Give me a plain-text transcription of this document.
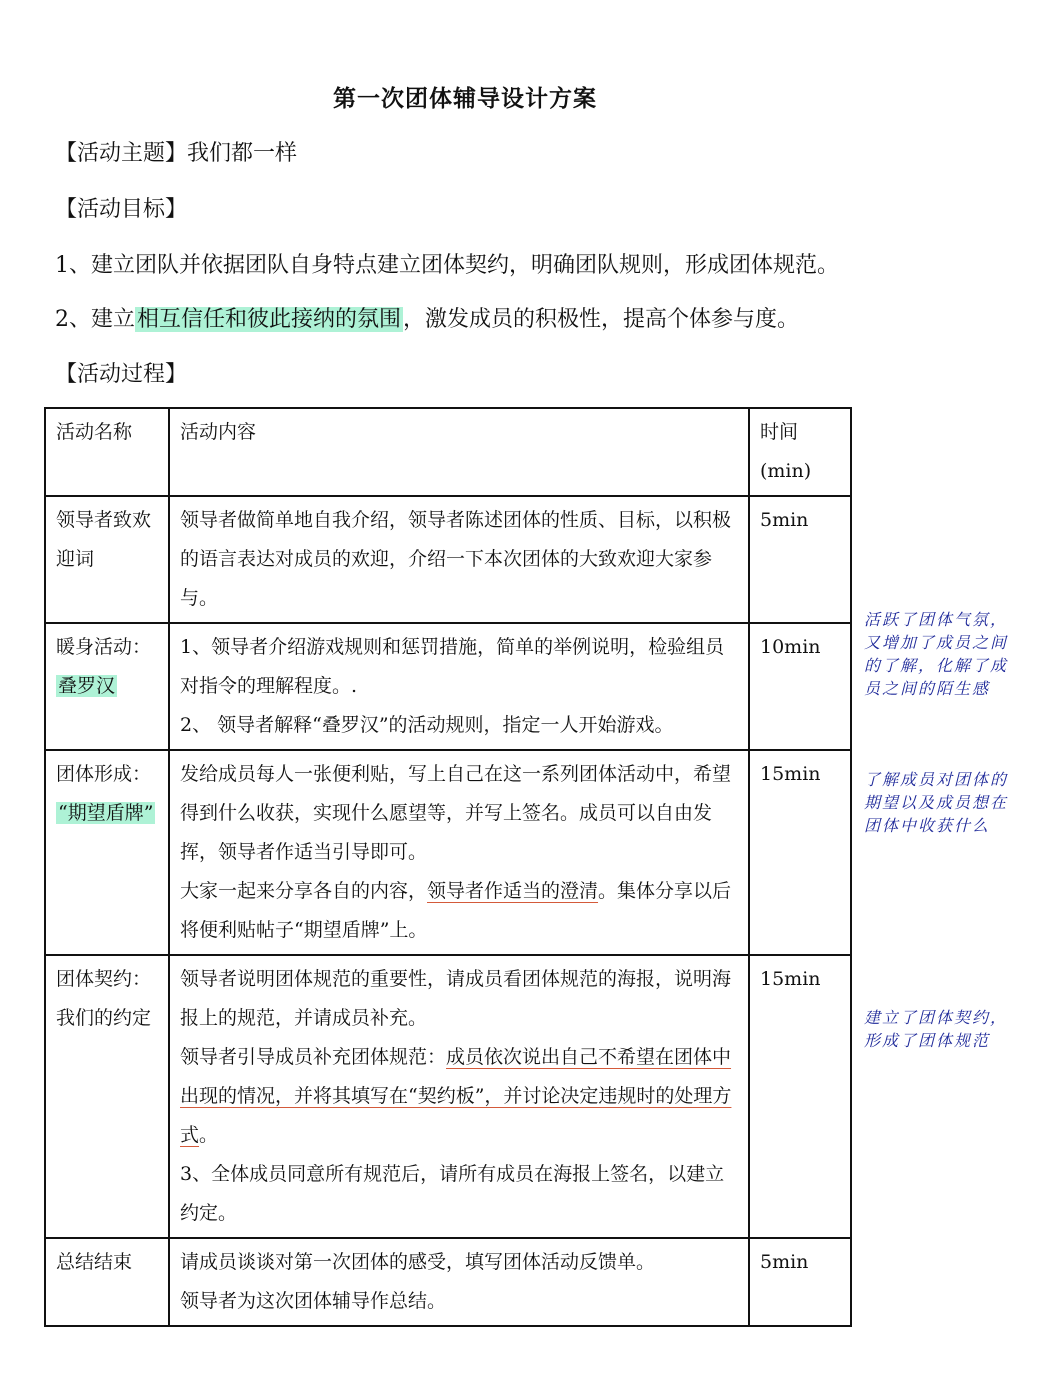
第一次团体辅导设计方案
【活动主题】我们都一样
【活动目标】
1、建立团队并依据团队自身特点建立团体契约，明确团队规则，形成团体规范。
2、建立相互信任和彼此接纳的氛围，激发成员的积极性，提高个体参与度。
【活动过程】
活动名称	活动内容	时间
(min)

领导者致欢迎词	领导者做简单地自我介绍，领导者陈述团体的性质、目标，以积极的语言表达对成员的欢迎，介绍一下本次团体的大致欢迎大家参与。	5min

暖身活动：
叠罗汉	1、领导者介绍游戏规则和惩罚措施，简单的举例说明，检验组员对指令的理解程度。.
2、 领导者解释“叠罗汉”的活动规则，指定一人开始游戏。	10min

团体形成：
“期望盾牌”	发给成员每人一张便利贴，写上自己在这一系列团体活动中，希望得到什么收获，实现什么愿望等，并写上签名。成员可以自由发挥，领导者作适当引导即可。
大家一起来分享各自的内容，领导者作适当的澄清。集体分享以后将便利贴帖子“期望盾牌”上。	15min
团体契约：我们的约定	领导者说明团体规范的重要性，请成员看团体规范的海报，说明海报上的规范，并请成员补充。
领导者引导成员补充团体规范：成员依次说出自己不希望在团体中出现的情况，并将其填写在“契约板”，并讨论决定违规时的处理方式。
3、全体成员同意所有规范后，请所有成员在海报上签名，以建立约定。	15min
总结结束	请成员谈谈对第一次团体的感受，填写团体活动反馈单。
领导者为这次团体辅导作总结。	5min
活跃了团体气氛，又增加了成员之间的了解，化解了成员之间的陌生感
了解成员对团体的期望以及成员想在团体中收获什么
建立了团体契约，形成了团体规范
